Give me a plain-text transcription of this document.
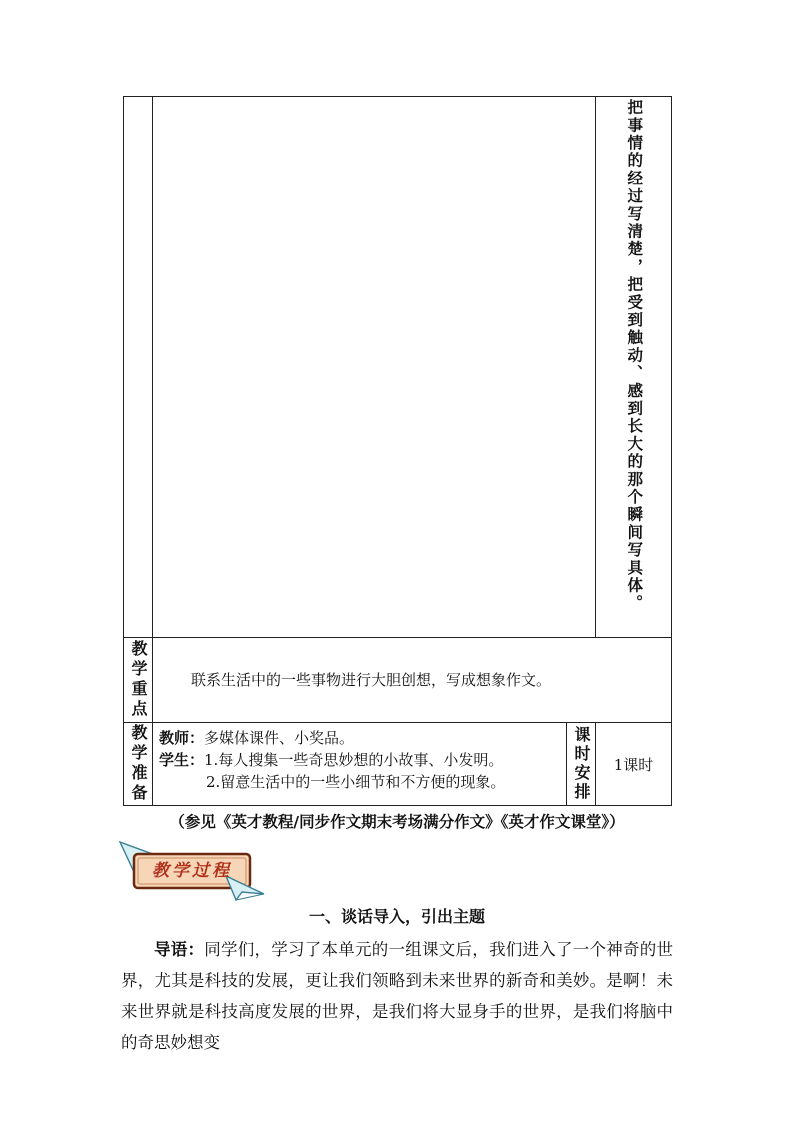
			把事情的经过写清楚，把受到触动、感到长大的那个瞬间写具体。

教学重点	联系生活中的一些事物进行大胆创想，写成想象作文。		

教学准备	教师：多媒体课件、小奖品。
学生：1.每人搜集一些奇思妙想的小故事、小发明。
2.留意生活中的一些小细节和不方便的现象。	课时安排	1课时
（参见《英才教程/同步作文期末考场满分作文》《英才作文课堂》）
教学过程
一、谈话导入，引出主题
导语：同学们，学习了本单元的一组课文后，我们进入了一个神奇的世界，尤其是科技的发展，更让我们领略到未来世界的新奇和美妙。是啊！未来世界就是科技高度发展的世界，是我们将大显身手的世界，是我们将脑中的奇思妙想变
